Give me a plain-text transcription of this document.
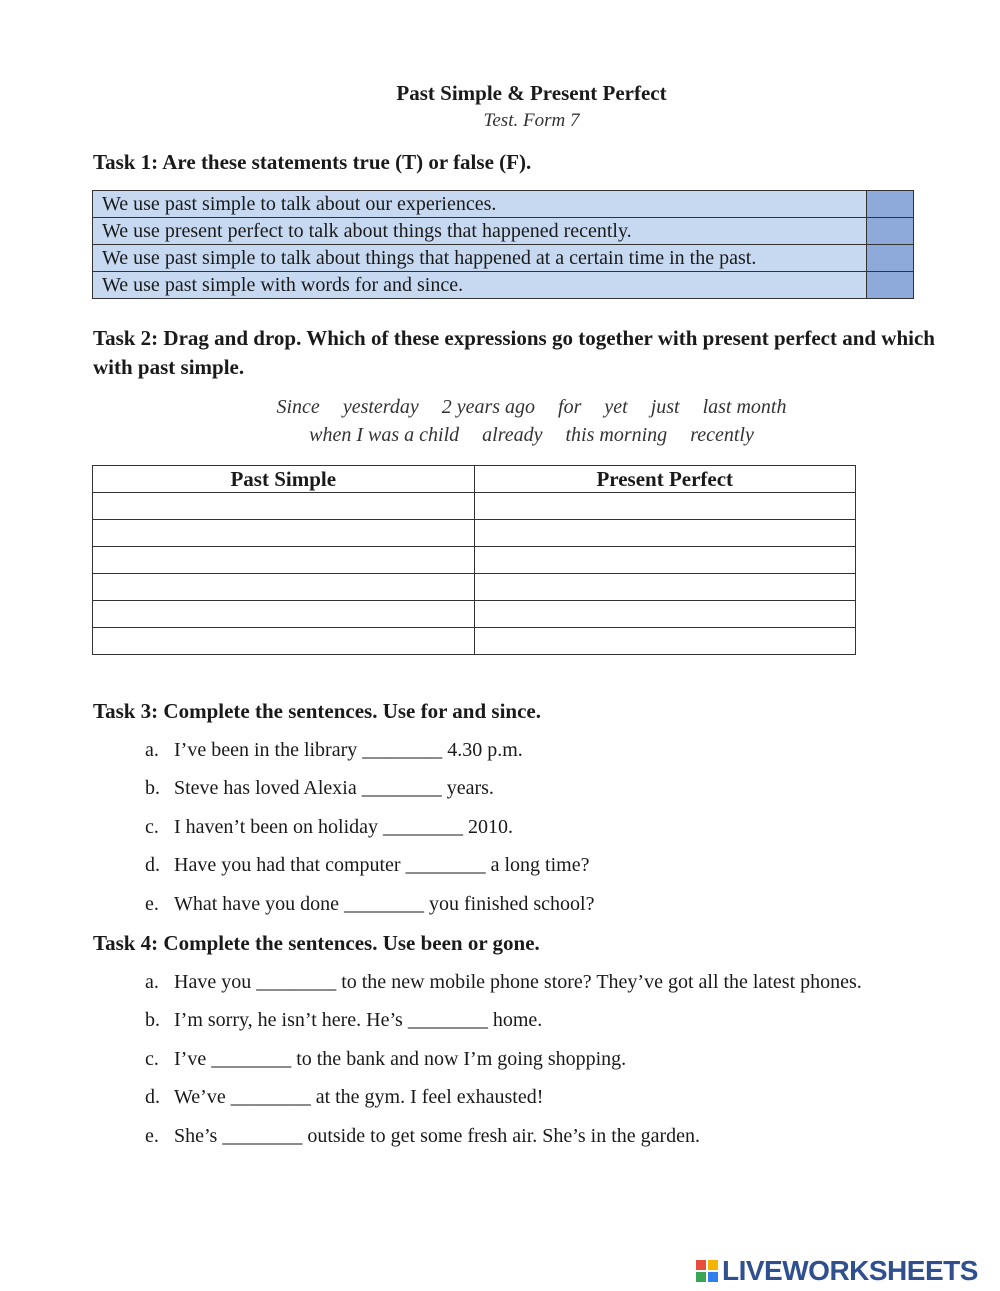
Past Simple & Present Perfect
Test. Form 7
Task 1: Are these statements true (T) or false (F).
We use past simple to talk about our experiences.	
We use present perfect to talk about things that happened recently.	
We use past simple to talk about things that happened at a certain time in the past.	
We use past simple with words for and since.	
Task 2: Drag and drop. Which of these expressions go together with present perfect and which with past simple.
Since yesterday 2 years ago for yet just last month
when I was a child already this morning recently
Past Simple	Present Perfect

Task 3: Complete the sentences. Use for and since.
a. I’ve been in the library ________ 4.30 p.m.
b. Steve has loved Alexia ________ years.
c. I haven’t been on holiday ________ 2010.
d. Have you had that computer ________ a long time?
e. What have you done ________ you finished school?
Task 4: Complete the sentences. Use been or gone.
a. Have you ________ to the new mobile phone store? They’ve got all the latest phones.
b. I’m sorry, he isn’t here. He’s ________ home.
c. I’ve ________ to the bank and now I’m going shopping.
d. We’ve ________ at the gym. I feel exhausted!
e. She’s ________ outside to get some fresh air. She’s in the garden.
LIVEWORKSHEETS
